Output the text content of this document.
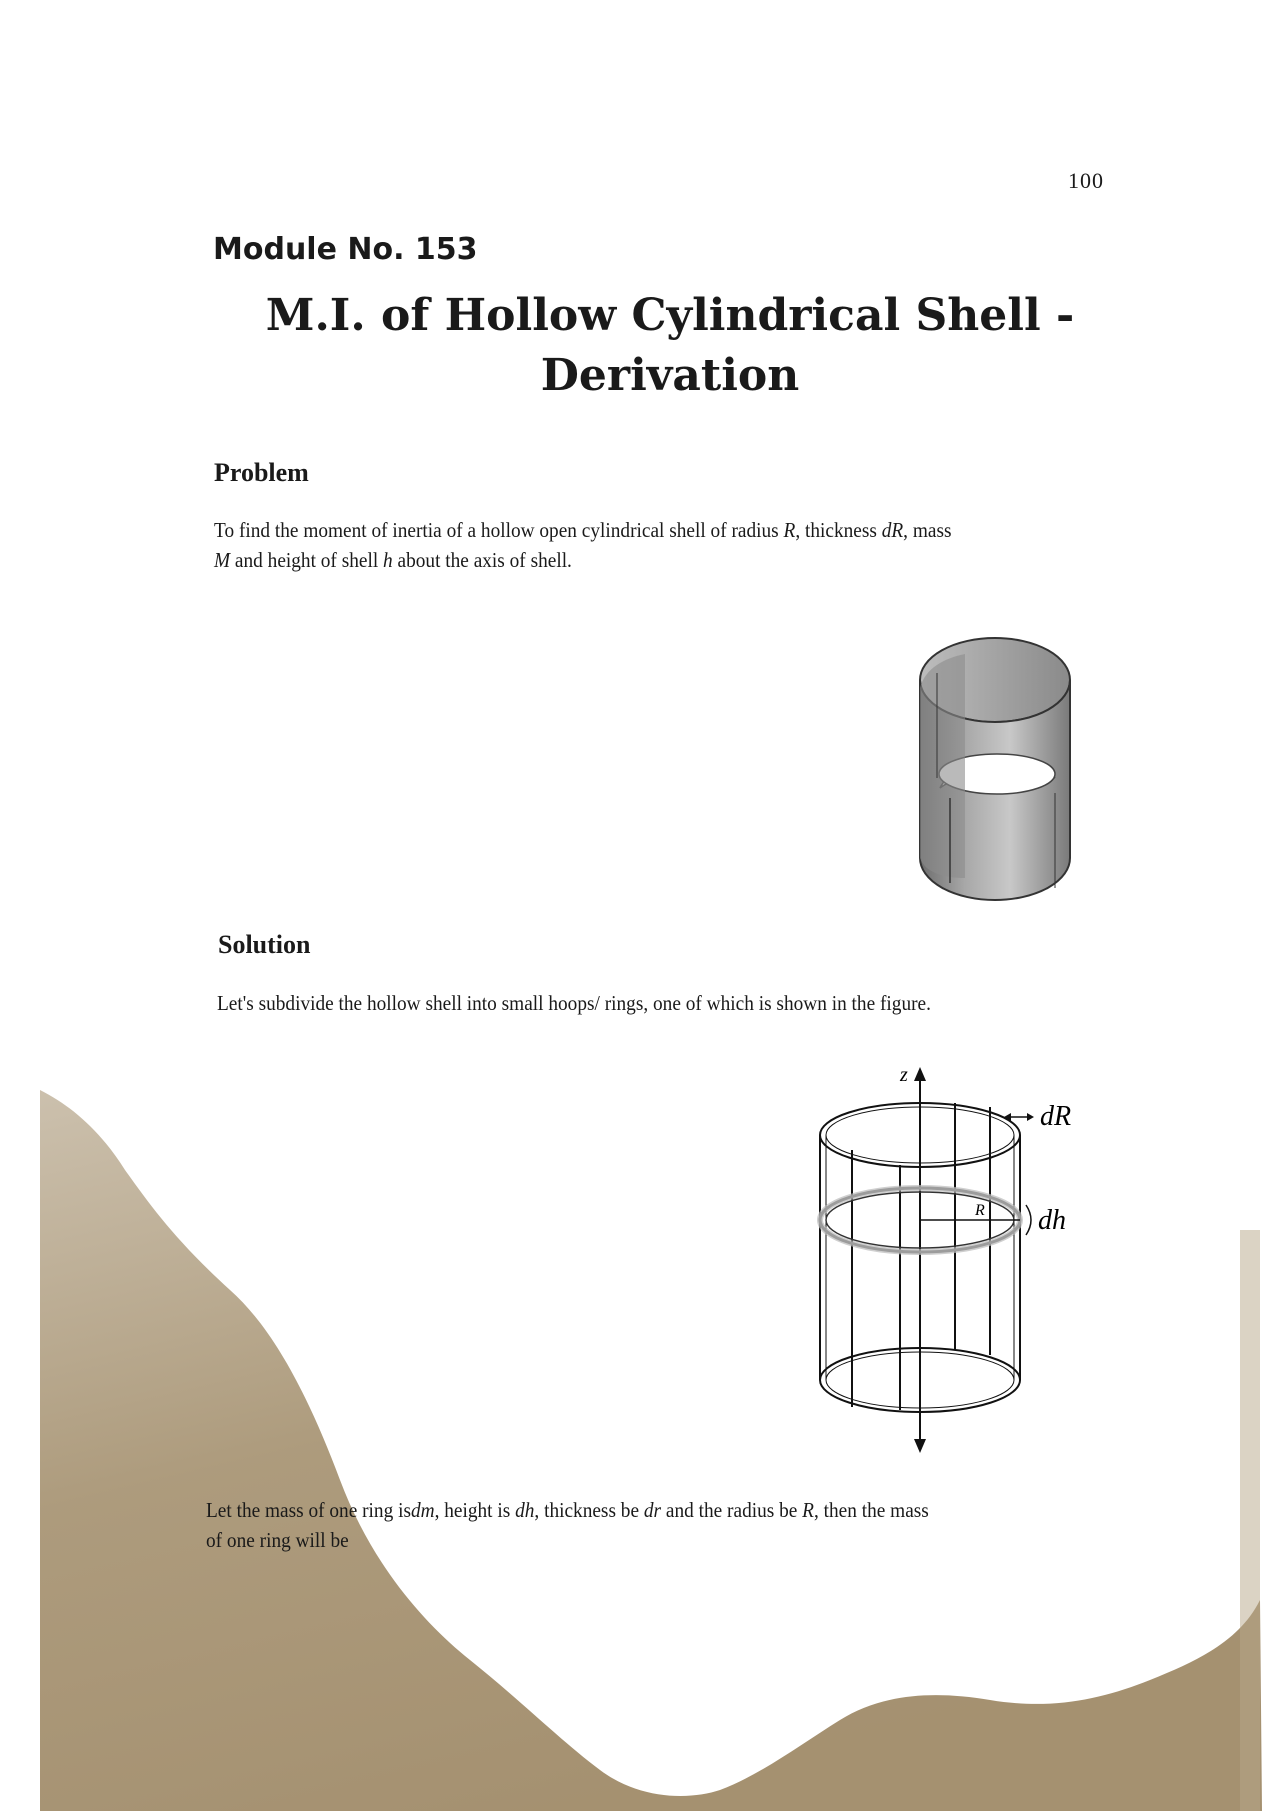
100
Module No. 153
M.I. of Hollow Cylindrical Shell -
Derivation
Problem
To find the moment of inertia of a hollow open cylindrical shell of radius R, thickness dR, mass
M and height of shell h about the axis of shell.
Solution
Let's subdivide the hollow shell into small hoops/ rings, one of which is shown in the figure.
z
dR
R dh
Let the mass of one ring isdm, height is dh, thickness be dr and the radius be R, then the mass
of one ring will be
